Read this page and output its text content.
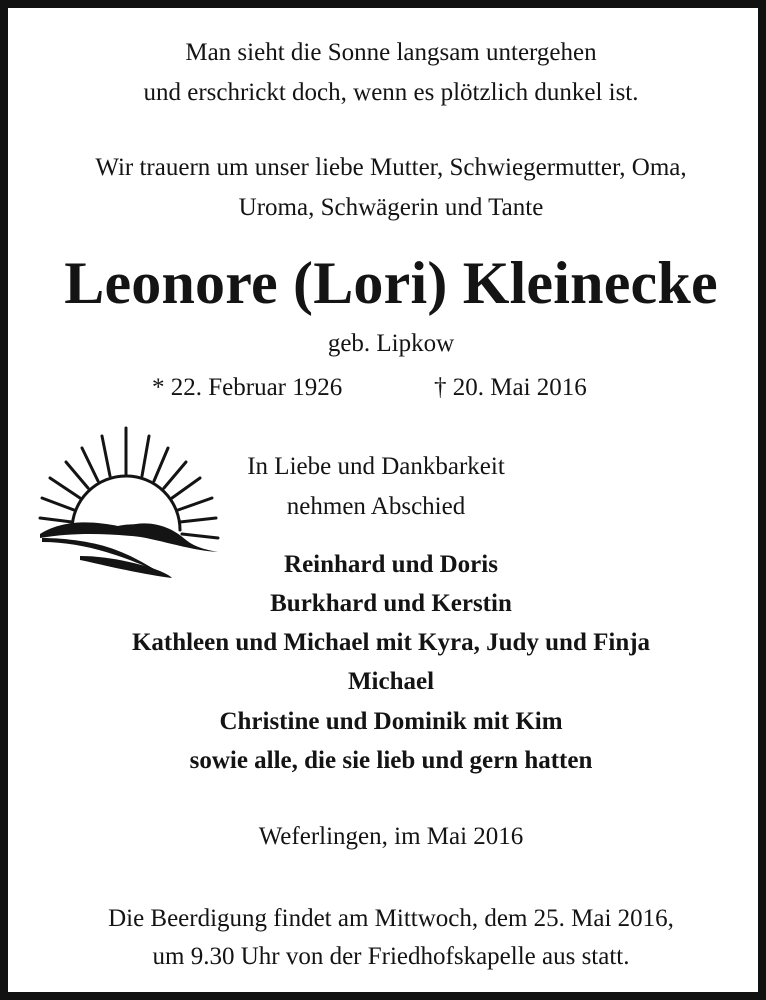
Man sieht die Sonne langsam untergehen
und erschrickt doch, wenn es plötzlich dunkel ist.
Wir trauern um unser liebe Mutter, Schwiegermutter, Oma,
Uroma, Schwägerin und Tante
Leonore (Lori) Kleinecke
geb. Lipkow
* 22. Februar 1926	† 20. Mai 2016
In Liebe und Dankbarkeit
nehmen Abschied
Reinhard und Doris
Burkhard und Kerstin
Kathleen und Michael mit Kyra, Judy und Finja
Michael
Christine und Dominik mit Kim
sowie alle, die sie lieb und gern hatten
Weferlingen, im Mai 2016
Die Beerdigung findet am Mittwoch, dem 25. Mai 2016,
um 9.30 Uhr von der Friedhofskapelle aus statt.
